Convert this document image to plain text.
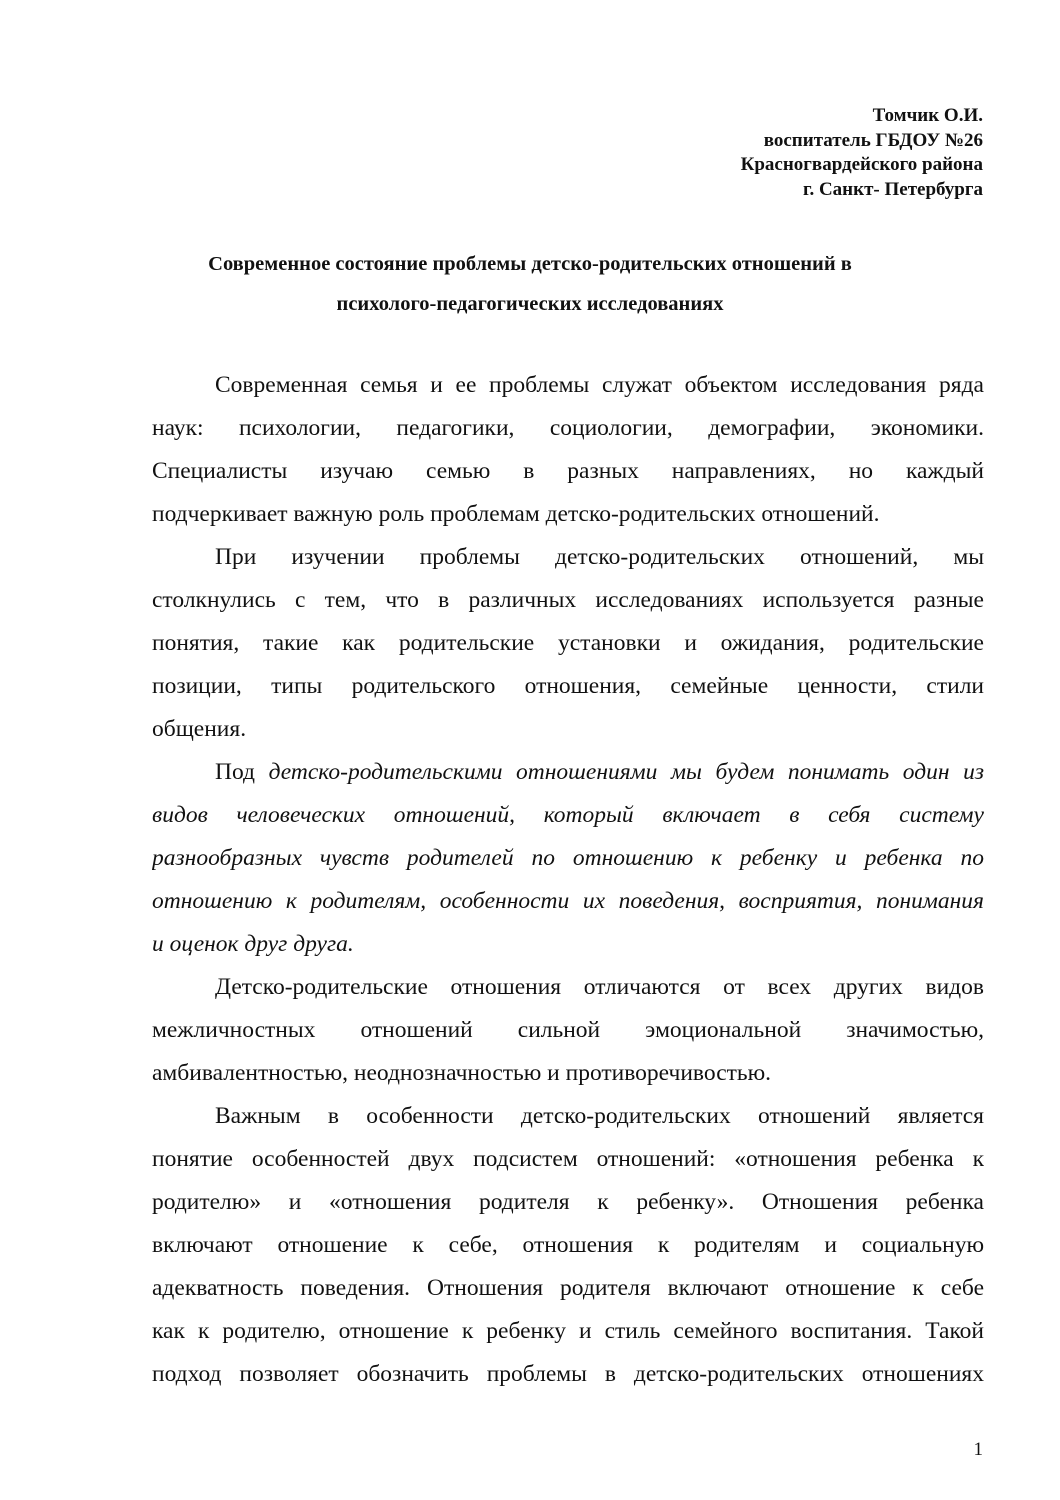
Томчик О.И.
воспитатель ГБДОУ №26
Красногвардейского района
г. Санкт- Петербурга
Современное состояние проблемы детско-родительских отношений в
психолого-педагогических исследованиях
Современная семья и ее проблемы служат объектом исследования ряда
наук: психологии, педагогики, социологии, демографии, экономики.
Специалисты изучаю семью в разных направлениях, но каждый
подчеркивает важную роль проблемам детско-родительских отношений.
При изучении проблемы детско-родительских отношений, мы
столкнулись с тем, что в различных исследованиях используется разные
понятия, такие как родительские установки и ожидания, родительские
позиции, типы родительского отношения, семейные ценности, стили
общения.
Под детско-родительскими отношениями мы будем понимать один из
видов человеческих отношений, который включает в себя систему
разнообразных чувств родителей по отношению к ребенку и ребенка по
отношению к родителям, особенности их поведения, восприятия, понимания
и оценок друг друга.
Детско-родительские отношения отличаются от всех других видов
межличностных отношений сильной эмоциональной значимостью,
амбивалентностью, неоднозначностью и противоречивостью.
Важным в особенности детско-родительских отношений является
понятие особенностей двух подсистем отношений: «отношения ребенка к
родителю» и «отношения родителя к ребенку». Отношения ребенка
включают отношение к себе, отношения к родителям и социальную
адекватность поведения. Отношения родителя включают отношение к себе
как к родителю, отношение к ребенку и стиль семейного воспитания. Такой
подход позволяет обозначить проблемы в детско-родительских отношениях
1
